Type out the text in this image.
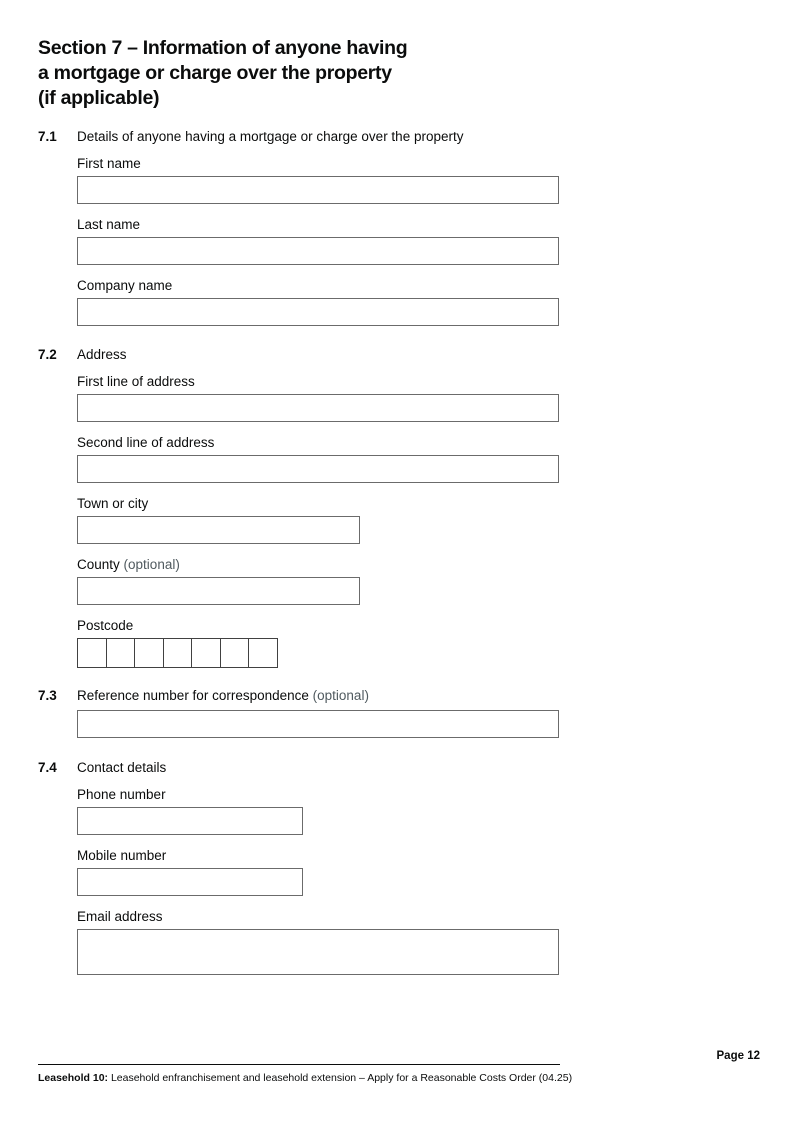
Section 7 – Information of anyone having
a mortgage or charge over the property
(if applicable)
7.1	Details of anyone having a mortgage or charge over the property
First name
Last name
Company name
7.2	Address
First line of address
Second line of address
Town or city
County (optional)
Postcode
7.3	Reference number for correspondence (optional)
7.4	Contact details
Phone number
Mobile number
Email address
Page 12
Leasehold 10: Leasehold enfranchisement and leasehold extension – Apply for a Reasonable Costs Order (04.25)
